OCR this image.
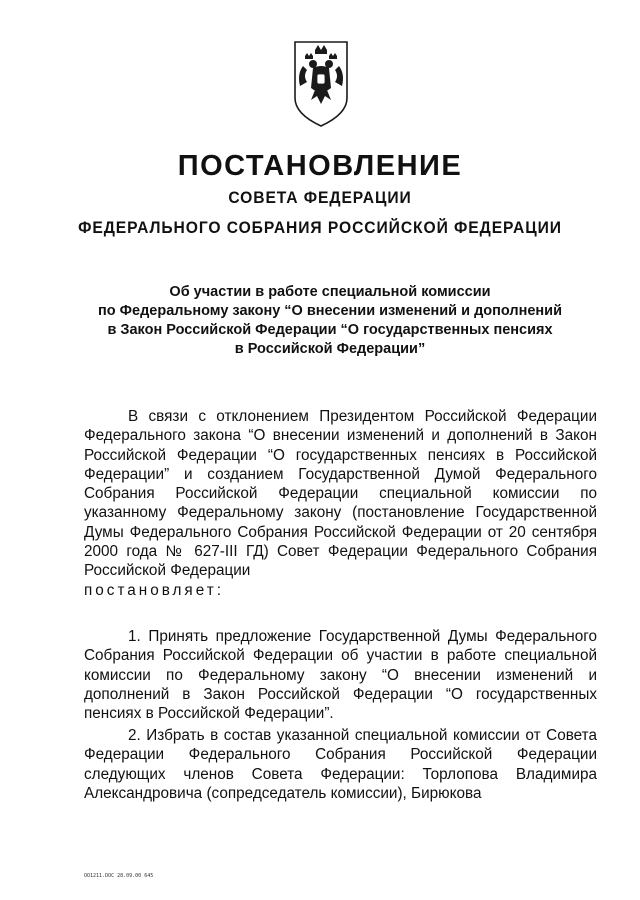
ПОСТАНОВЛЕНИЕ
СОВЕТА ФЕДЕРАЦИИ
ФЕДЕРАЛЬНОГО СОБРАНИЯ РОССИЙСКОЙ ФЕДЕРАЦИИ
Об участии в работе специальной комиссии
по Федеральному закону “О внесении изменений и дополнений
в Закон Российской Федерации “О государственных пенсиях
в Российской Федерации”
В связи с отклонением Президентом Российской Федерации Федерального закона “О внесении изменений и дополнений в Закон Российской Федерации “О государственных пенсиях в Российской Федерации” и созданием Государственной Думой Федерального Собрания Российской Федерации специальной комиссии по указанному Федеральному закону (постановление Государственной Думы Федерального Собрания Российской Федерации от 20 сентября 2000 года № 627-III ГД) Совет Федерации Федерального Собрания Российской Федерации
постановляет:
1. Принять предложение Государственной Думы Федерального Собрания Российской Федерации об участии в работе специальной комиссии по Федеральному закону “О внесении изменений и дополнений в Закон Российской Федерации “О государственных пенсиях в Российской Федерации”.
2. Избрать в состав указанной специальной комиссии от Совета Федерации Федерального Собрания Российской Федерации следующих членов Совета Федерации: Торлопова Владимира Александровича (сопредседатель комиссии), Бирюкова
ОО1211.DOC 28.09.00 645
